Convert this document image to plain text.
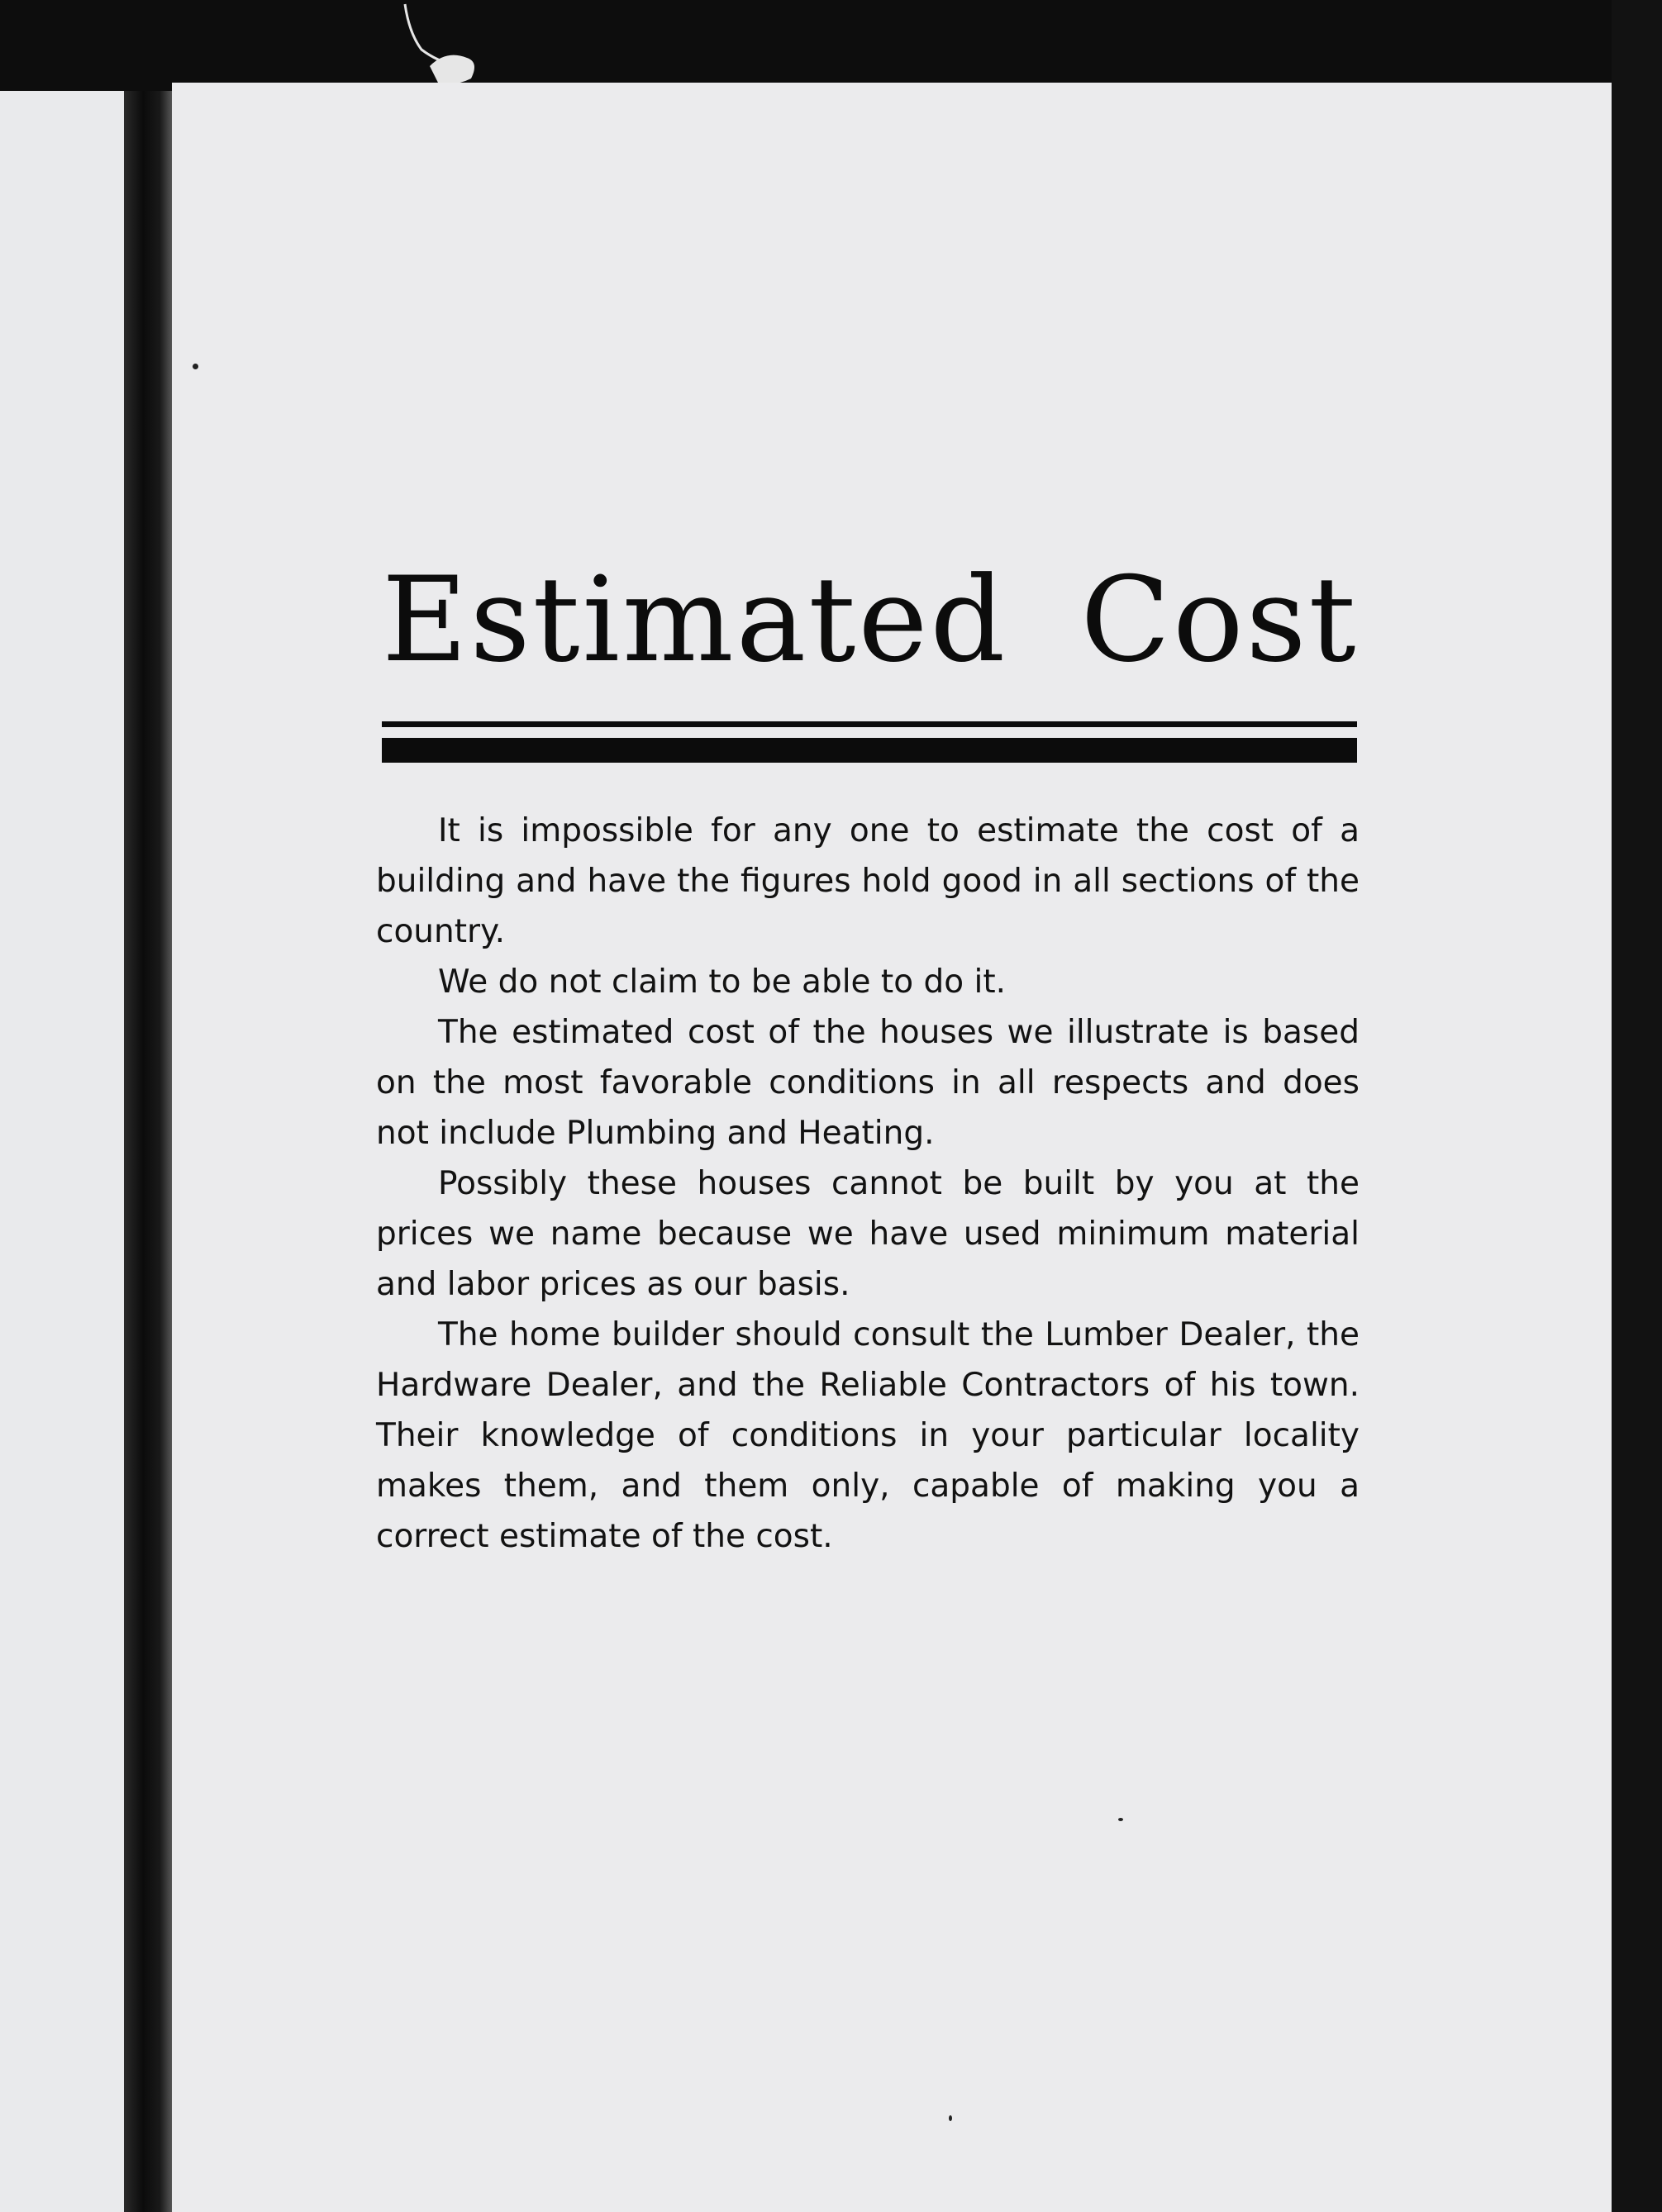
Estimated Cost

It is impossible for any one to estimate the cost of a building and have the figures hold good in all sections of the country.

We do not claim to be able to do it.

The estimated cost of the houses we illustrate is based on the most favorable conditions in all respects and does not include Plumbing and Heating.

Possibly these houses cannot be built by you at the prices we name because we have used minimum material and labor prices as our basis.

The home builder should consult the Lumber Dealer, the Hardware Dealer, and the Reliable Contractors of his town. Their knowledge of conditions in your particular locality makes them, and them only, capable of making you a correct estimate of the cost.
